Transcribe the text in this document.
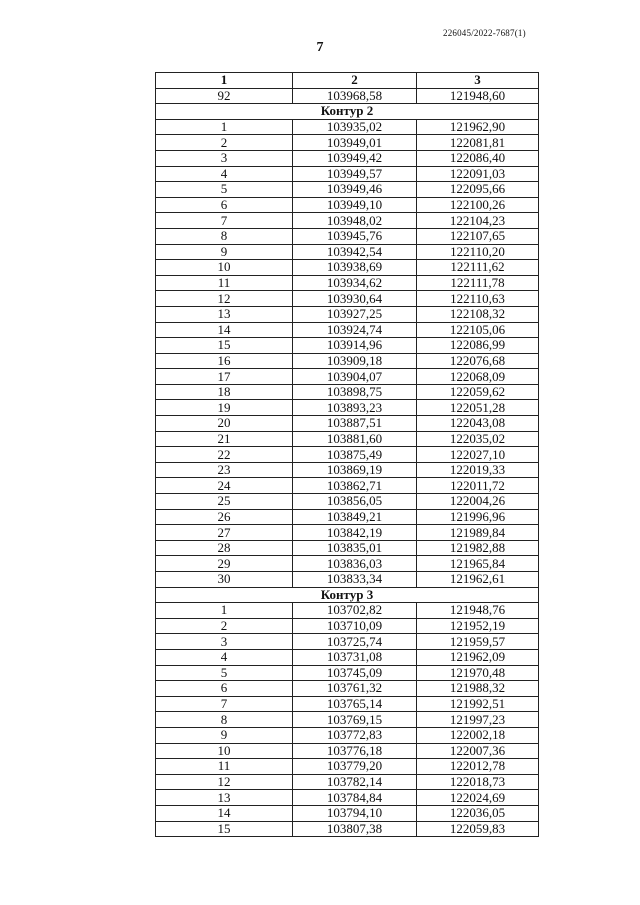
226045/2022-7687(1)
7
1	2	3
92	103968,58	121948,60
Контур 2		
1	103935,02	121962,90
2	103949,01	122081,81
3	103949,42	122086,40
4	103949,57	122091,03
5	103949,46	122095,66
6	103949,10	122100,26
7	103948,02	122104,23
8	103945,76	122107,65
9	103942,54	122110,20
10	103938,69	122111,62
11	103934,62	122111,78
12	103930,64	122110,63
13	103927,25	122108,32
14	103924,74	122105,06
15	103914,96	122086,99
16	103909,18	122076,68
17	103904,07	122068,09
18	103898,75	122059,62
19	103893,23	122051,28
20	103887,51	122043,08
21	103881,60	122035,02
22	103875,49	122027,10
23	103869,19	122019,33
24	103862,71	122011,72
25	103856,05	122004,26
26	103849,21	121996,96
27	103842,19	121989,84
28	103835,01	121982,88
29	103836,03	121965,84
30	103833,34	121962,61
Контур 3		
1	103702,82	121948,76
2	103710,09	121952,19
3	103725,74	121959,57
4	103731,08	121962,09
5	103745,09	121970,48
6	103761,32	121988,32
7	103765,14	121992,51
8	103769,15	121997,23
9	103772,83	122002,18
10	103776,18	122007,36
11	103779,20	122012,78
12	103782,14	122018,73
13	103784,84	122024,69
14	103794,10	122036,05
15	103807,38	122059,83
